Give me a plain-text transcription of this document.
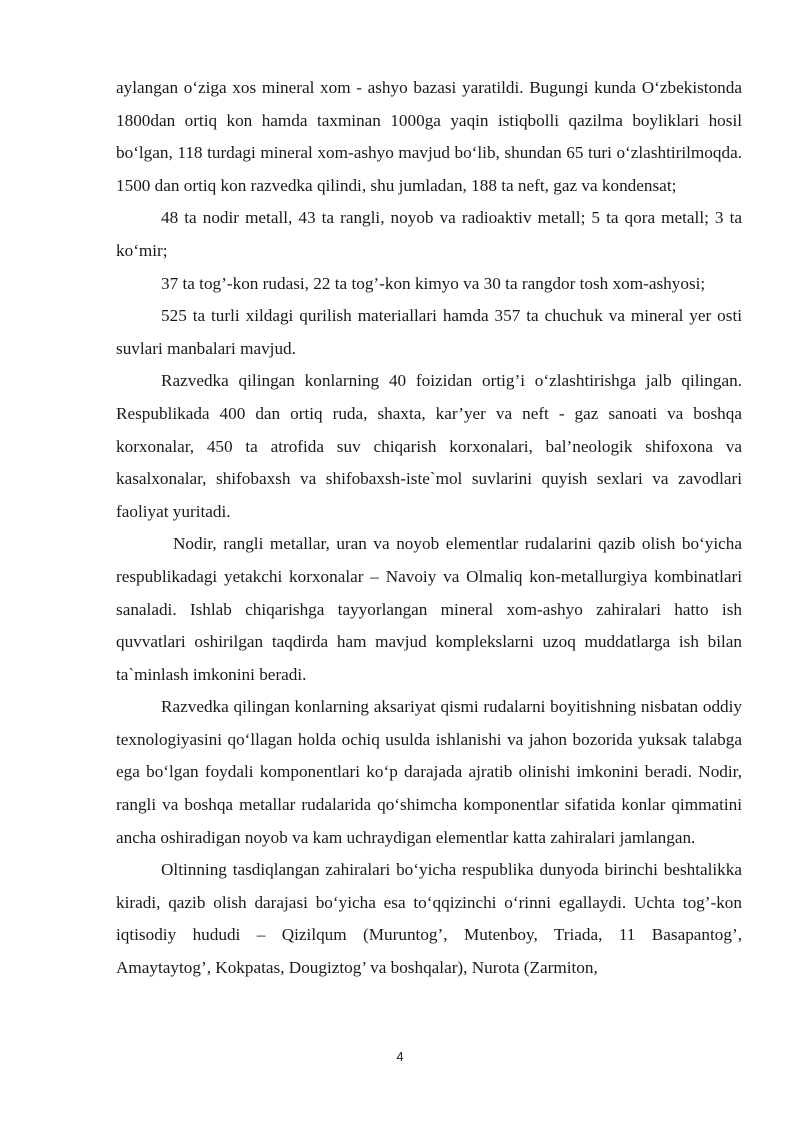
aylangan o‘ziga xos mineral xom - ashyo bazasi yaratildi. Bugungi kunda O‘zbekistonda 1800dan ortiq kon hamda taxminan 1000ga yaqin istiqbolli qazilma boyliklari hosil bo‘lgan, 118 turdagi mineral xom-ashyo mavjud bo‘lib, shundan 65 turi o‘zlashtirilmoqda. 1500 dan ortiq kon razvedka qilindi, shu jumladan, 188 ta neft, gaz va kondensat;

48 ta nodir metall, 43 ta rangli, noyob va radioaktiv metall; 5 ta qora metall; 3 ta ko‘mir;

37 ta tog’-kon rudasi, 22 ta tog’-kon kimyo va 30 ta rangdor tosh xom-ashyosi;

525 ta turli xildagi qurilish materiallari hamda 357 ta chuchuk va mineral yer osti suvlari manbalari mavjud.

Razvedka qilingan konlarning 40 foizidan ortig’i o‘zlashtirishga jalb qilingan. Respublikada 400 dan ortiq ruda, shaxta, kar’yer va neft - gaz sanoati va boshqa korxonalar, 450 ta atrofida suv chiqarish korxonalari, bal’neologik shifoxona va kasalxonalar, shifobaxsh va shifobaxsh-iste`mol suvlarini quyish sexlari va zavodlari faoliyat yuritadi.

Nodir, rangli metallar, uran va noyob elementlar rudalarini qazib olish bo‘yicha respublikadagi yetakchi korxonalar – Navoiy va Olmaliq kon-metallurgiya kombinatlari sanaladi. Ishlab chiqarishga tayyorlangan mineral xom-ashyo zahiralari hatto ish quvvatlari oshirilgan taqdirda ham mavjud komplekslarni uzoq muddatlarga ish bilan ta`minlash imkonini beradi.

Razvedka qilingan konlarning aksariyat qismi rudalarni boyitishning nisbatan oddiy texnologiyasini qo‘llagan holda ochiq usulda ishlanishi va jahon bozorida yuksak talabga ega bo‘lgan foydali komponentlari ko‘p darajada ajratib olinishi imkonini beradi. Nodir, rangli va boshqa metallar rudalarida qo‘shimcha komponentlar sifatida konlar qimmatini ancha oshiradigan noyob va kam uchraydigan elementlar katta zahiralari jamlangan.

Oltinning tasdiqlangan zahiralari bo‘yicha respublika dunyoda birinchi beshtalikka kiradi, qazib olish darajasi bo‘yicha esa to‘qqizinchi o‘rinni egallaydi. Uchta tog’-kon iqtisodiy hududi – Qizilqum (Muruntog’, Mutenboy, Triada, 11 Basapantog’, Amaytaytog’, Kokpatas, Dougiztog’ va boshqalar), Nurota (Zarmiton,

4
